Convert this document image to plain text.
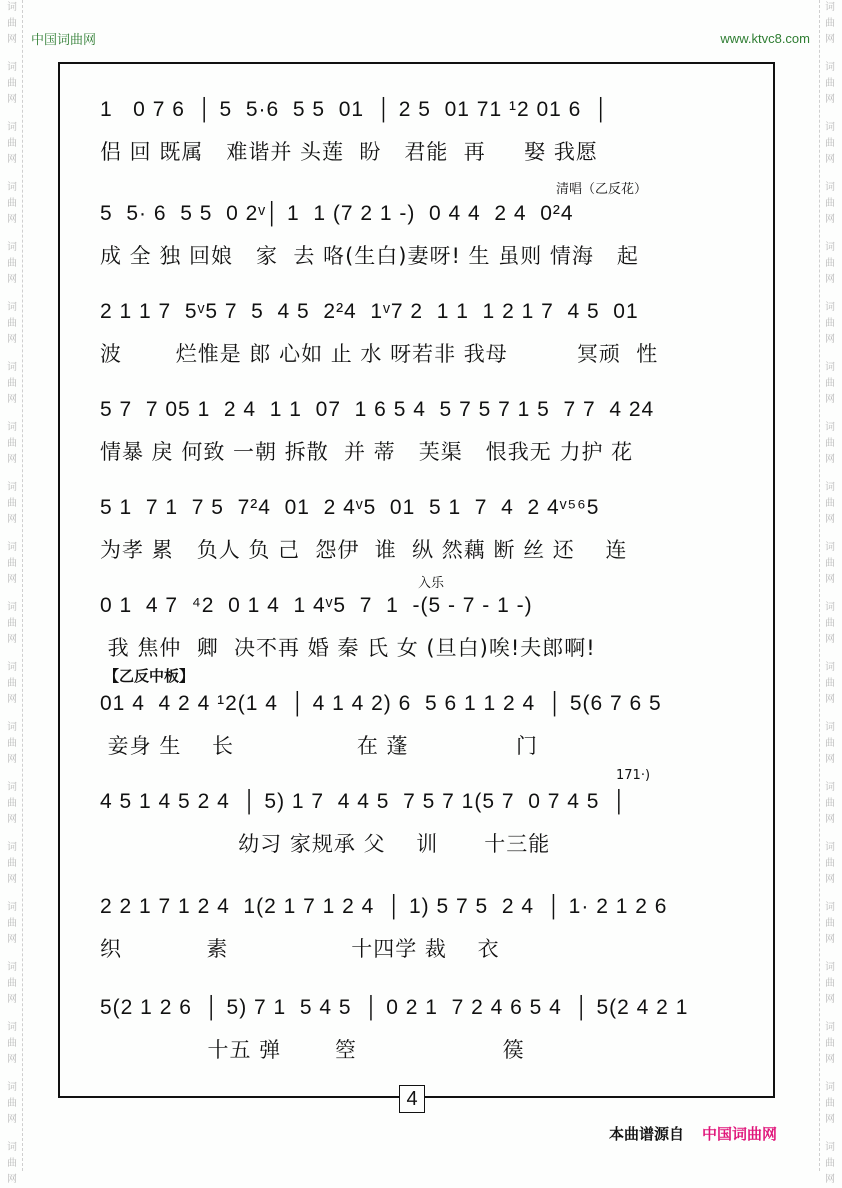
词
曲
网
词
曲
网
词
曲
网
词
曲
网
词
曲
网
词
曲
网
词
曲
网
词
曲
网
词
曲
网
词
曲
网
词
曲
网
词
曲
网
词
曲
网
词
曲
网
词
曲
网
词
曲
网
词
曲
网
词
曲
网
词
曲
网
词
曲
网
词
曲
网
词
曲
网
词
曲
网
词
曲
网
词
曲
网
词
曲
网
词
曲
网
词
曲
网
词
曲
网
词
曲
网
词
曲
网
词
曲
网
词
曲
网
词
曲
网
词
曲
网
词
曲
网
词
曲
网
词
曲
网
词
曲
网
词
曲
网
中国词曲网	www.ktvc8.com
1   0 7 6  │ 5  5·6  5 5  01  │ 2 5  01 71 ¹2 01 6  │
侣 回 既属   难谐并 头莲  盼   君能  再     娶 我愿
清唱（乙反花）
5  5· 6  5 5  0 2ᵛ│ 1  1 (7 2 1 -)  0 4 4  2 4  0²4
成 全 独 回娘   家  去 咯(生白)妻呀! 生 虽则 情海   起
2 1 1 7  5ᵛ5 7  5  4 5  2²4  1ᵛ7 2  1 1  1 2 1 7  4 5  01
波       烂惟是 郎 心如 止 水 呀若非 我母         冥顽  性
5 7  7 05 1  2 4  1 1  07  1 6 5 4  5 7 5 7 1 5  7 7  4 24
情暴 戾 何致 一朝 拆散  并 蒂   芙渠   恨我无 力护 花
5 1  7 1  7 5  7²4  01  2 4ᵛ5  01  5 1  7  4  2 4ᵛ⁵⁶5
为孝 累   负人 负 己  怨伊  谁  纵 然藕 断 丝 还    连
入乐
0 1  4 7  ⁴2  0 1 4  1 4ᵛ5  7  1  -(5 - 7 - 1 -)
我 焦仲  卿  决不再 婚 秦 氏 女 (旦白)唉!夫郎啊!
【乙反中板】
01 4  4 2 4 ¹2(1 4  │ 4 1 4 2) 6  5 6 1 1 2 4  │ 5(6 7 6 5
妾身 生    长                在 蓬              门
171·)
4 5 1 4 5 2 4  │ 5) 1 7  4 4 5  7 5 7 1(5 7  0 7 4 5  │
幼习 家规承 父    训      十三能
2 2 1 7 1 2 4  1(2 1 7 1 2 4  │ 1) 5 7 5  2 4  │ 1· 2 1 2 6
织           素                十四学 裁    衣
5(2 1 2 6  │ 5) 7 1  5 4 5  │ 0 2 1  7 2 4 6 5 4  │ 5(2 4 2 1
十五 弹       箜                   篌
4
本曲谱源自 中国词曲网
